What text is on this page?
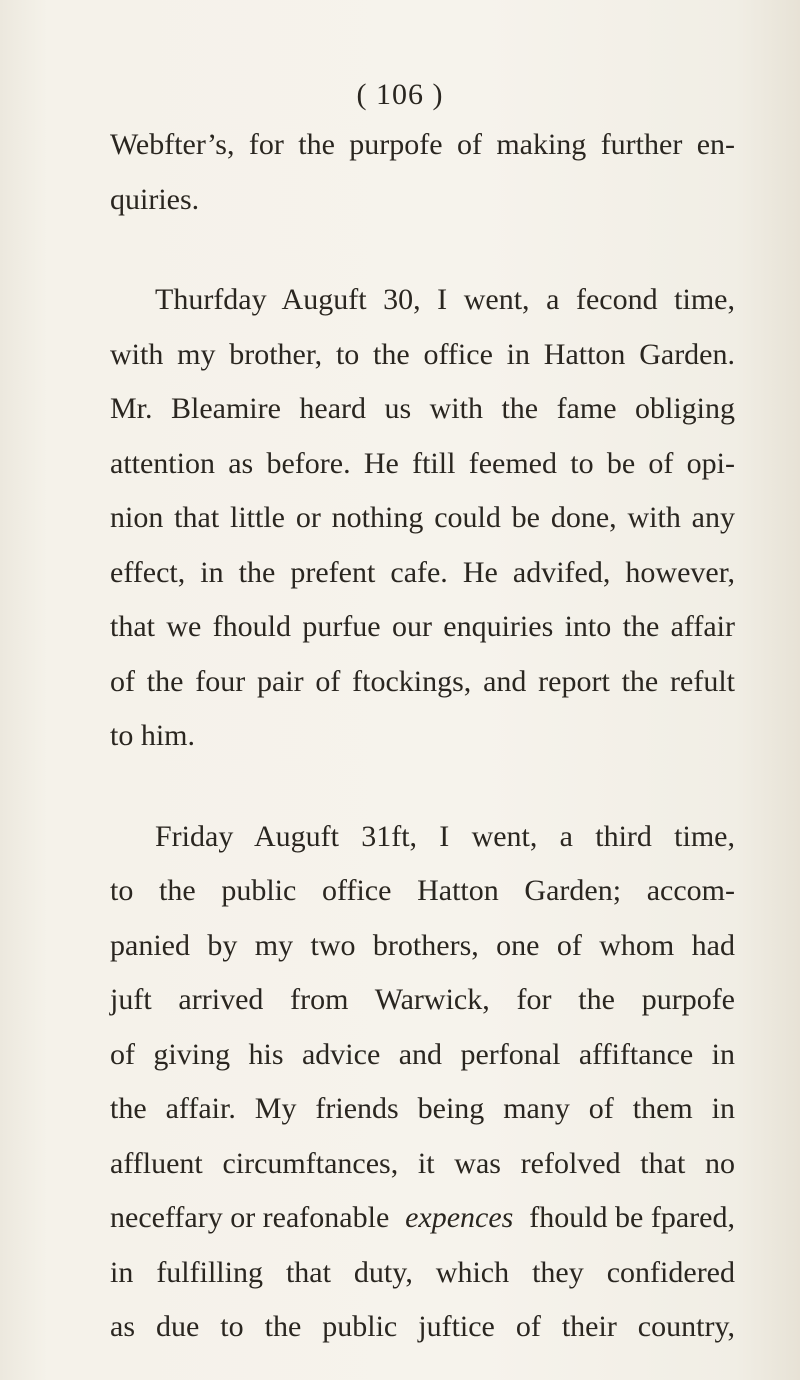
( 106 )
Webfter’s, for the purpofe of making further en-
quiries.
Thurfday Auguft 30, I went, a fecond time,
with my brother, to the office in Hatton Garden.
Mr. Bleamire heard us with the fame obliging
attention as before. He ftill feemed to be of opi-
nion that little or nothing could be done, with any
effect, in the prefent cafe. He advifed, however,
that we fhould purfue our enquiries into the affair
of the four pair of ftockings, and report the refult
to him.
Friday Auguft 31ft, I went, a third time,
to the public office Hatton Garden; accom-
panied by my two brothers, one of whom had
juft arrived from Warwick, for the purpofe
of giving his advice and perfonal affiftance in
the affair. My friends being many of them in
affluent circumftances, it was refolved that no
neceffary or reafonable expences fhould be fpared,
in fulfilling that duty, which they confidered
as due to the public juftice of their country,
